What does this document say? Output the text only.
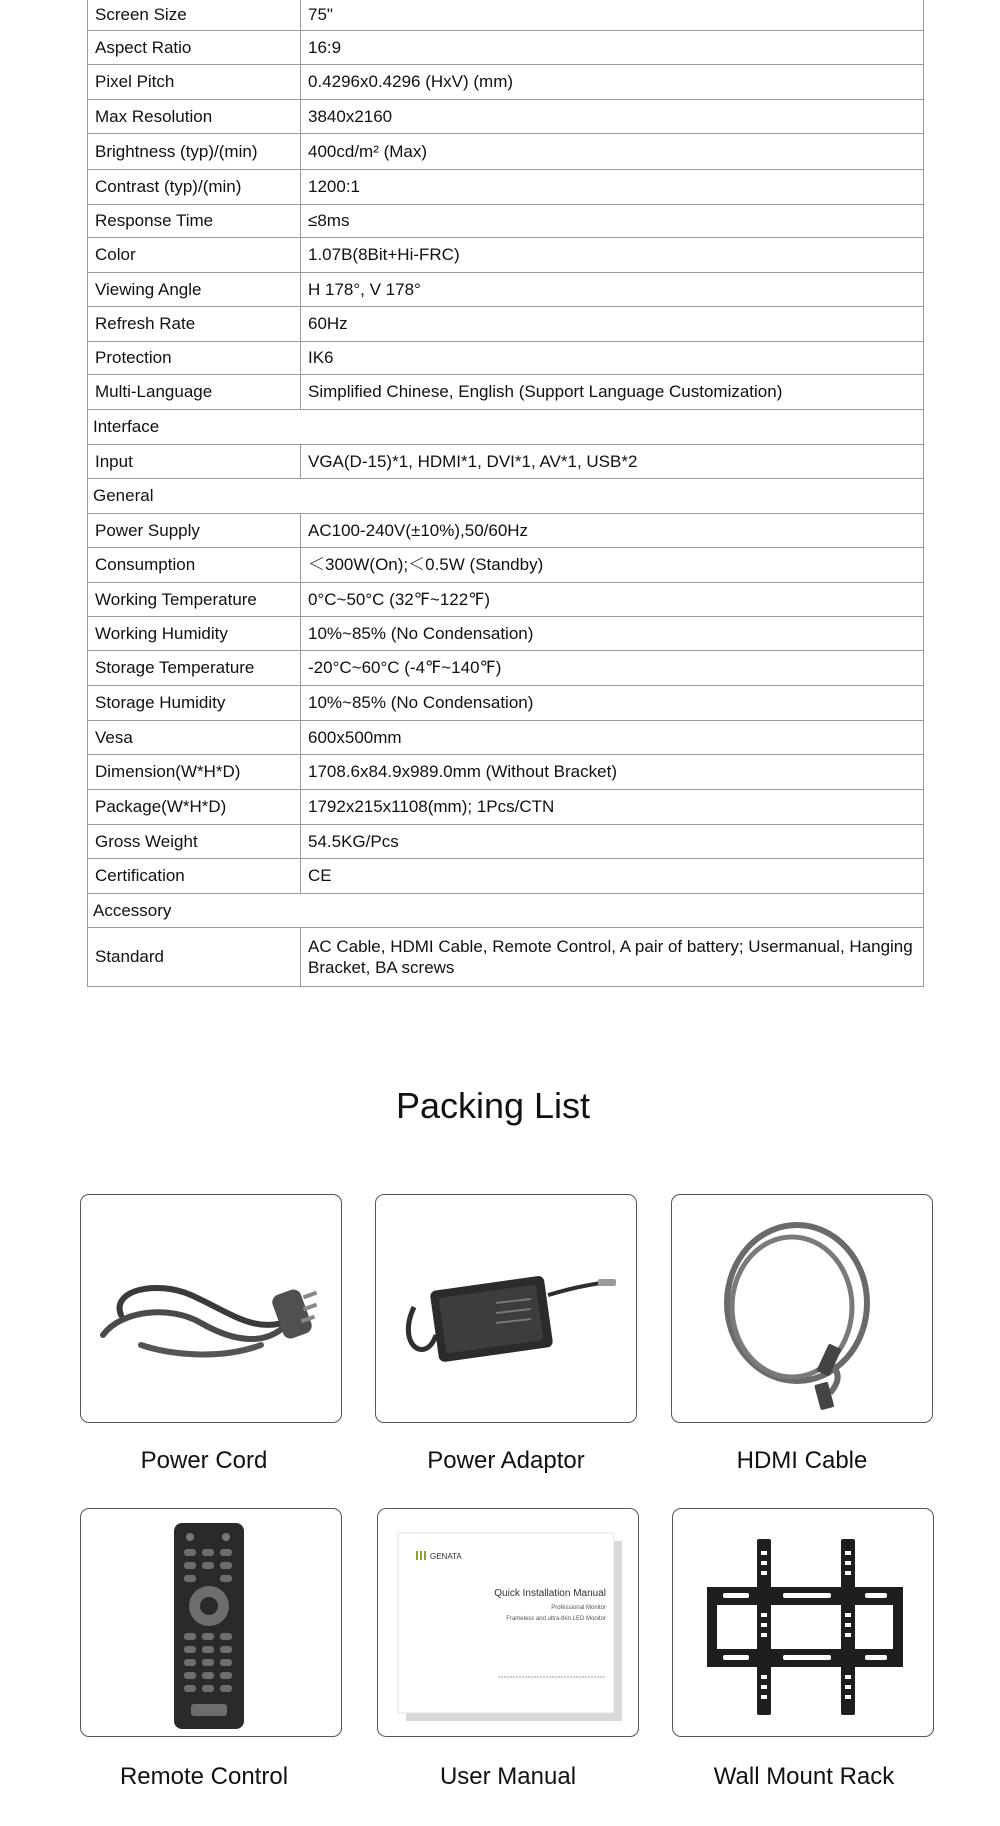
Screen Size	75"
Aspect Ratio	16:9
Pixel Pitch	0.4296x0.4296 (HxV) (mm)
Max Resolution	3840x2160
Brightness (typ)/(min)	400cd/m² (Max)
Contrast (typ)/(min)	1200:1
Response Time	≤8ms
Color	1.07B(8Bit+Hi-FRC)
Viewing Angle	H 178°, V 178°
Refresh Rate	60Hz
Protection	IK6
Multi-Language	Simplified Chinese, English (Support Language Customization)
Interface	
Input	VGA(D-15)*1, HDMI*1, DVI*1, AV*1, USB*2
General	
Power Supply	AC100-240V(±10%),50/60Hz
Consumption	＜300W(On);＜0.5W (Standby)
Working Temperature	0°C~50°C (32℉~122℉)
Working Humidity	10%~85% (No Condensation)
Storage Temperature	-20°C~60°C (-4℉~140℉)
Storage Humidity	10%~85% (No Condensation)
Vesa	600x500mm
Dimension(W*H*D)	1708.6x84.9x989.0mm (Without Bracket)
Package(W*H*D)	1792x215x1108(mm); 1Pcs/CTN
Gross Weight	54.5KG/Pcs
Certification	CE
Accessory	
Standard	AC Cable, HDMI Cable, Remote Control, A pair of battery; Usermanual, Hanging Bracket, BA screws
Packing List
Power Cord	Power Adaptor	HDMI Cable
Remote Control
GENATA
Quick Installation Manual
Professional Monitor
Frameless and ultra-thin LED Monitor
User Manual	Wall Mount Rack
